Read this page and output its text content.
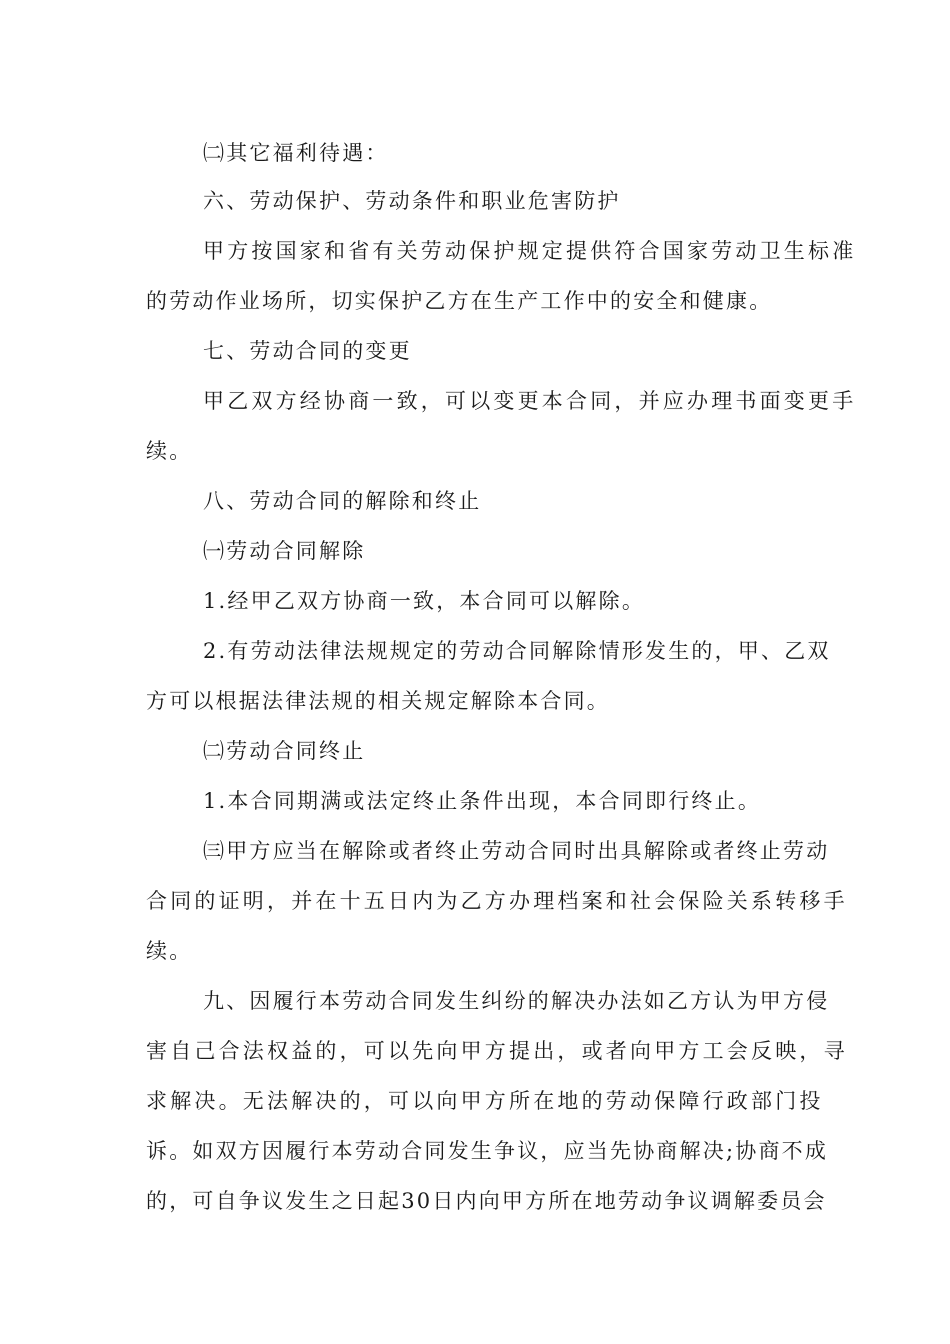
㈡其它福利待遇：
六、劳动保护、劳动条件和职业危害防护
甲方按国家和省有关劳动保护规定提供符合国家劳动卫生标准
的劳动作业场所，切实保护乙方在生产工作中的安全和健康。
七、劳动合同的变更
甲乙双方经协商一致，可以变更本合同，并应办理书面变更手
续。
八、劳动合同的解除和终止
㈠劳动合同解除
1.经甲乙双方协商一致，本合同可以解除。
2.有劳动法律法规规定的劳动合同解除情形发生的，甲、乙双
方可以根据法律法规的相关规定解除本合同。
㈡劳动合同终止
1.本合同期满或法定终止条件出现，本合同即行终止。
㈢甲方应当在解除或者终止劳动合同时出具解除或者终止劳动
合同的证明，并在十五日内为乙方办理档案和社会保险关系转移手
续。
九、因履行本劳动合同发生纠纷的解决办法如乙方认为甲方侵
害自己合法权益的，可以先向甲方提出，或者向甲方工会反映，寻
求解决。无法解决的，可以向甲方所在地的劳动保障行政部门投
诉。如双方因履行本劳动合同发生争议，应当先协商解决;协商不成
的，可自争议发生之日起30日内向甲方所在地劳动争议调解委员会
